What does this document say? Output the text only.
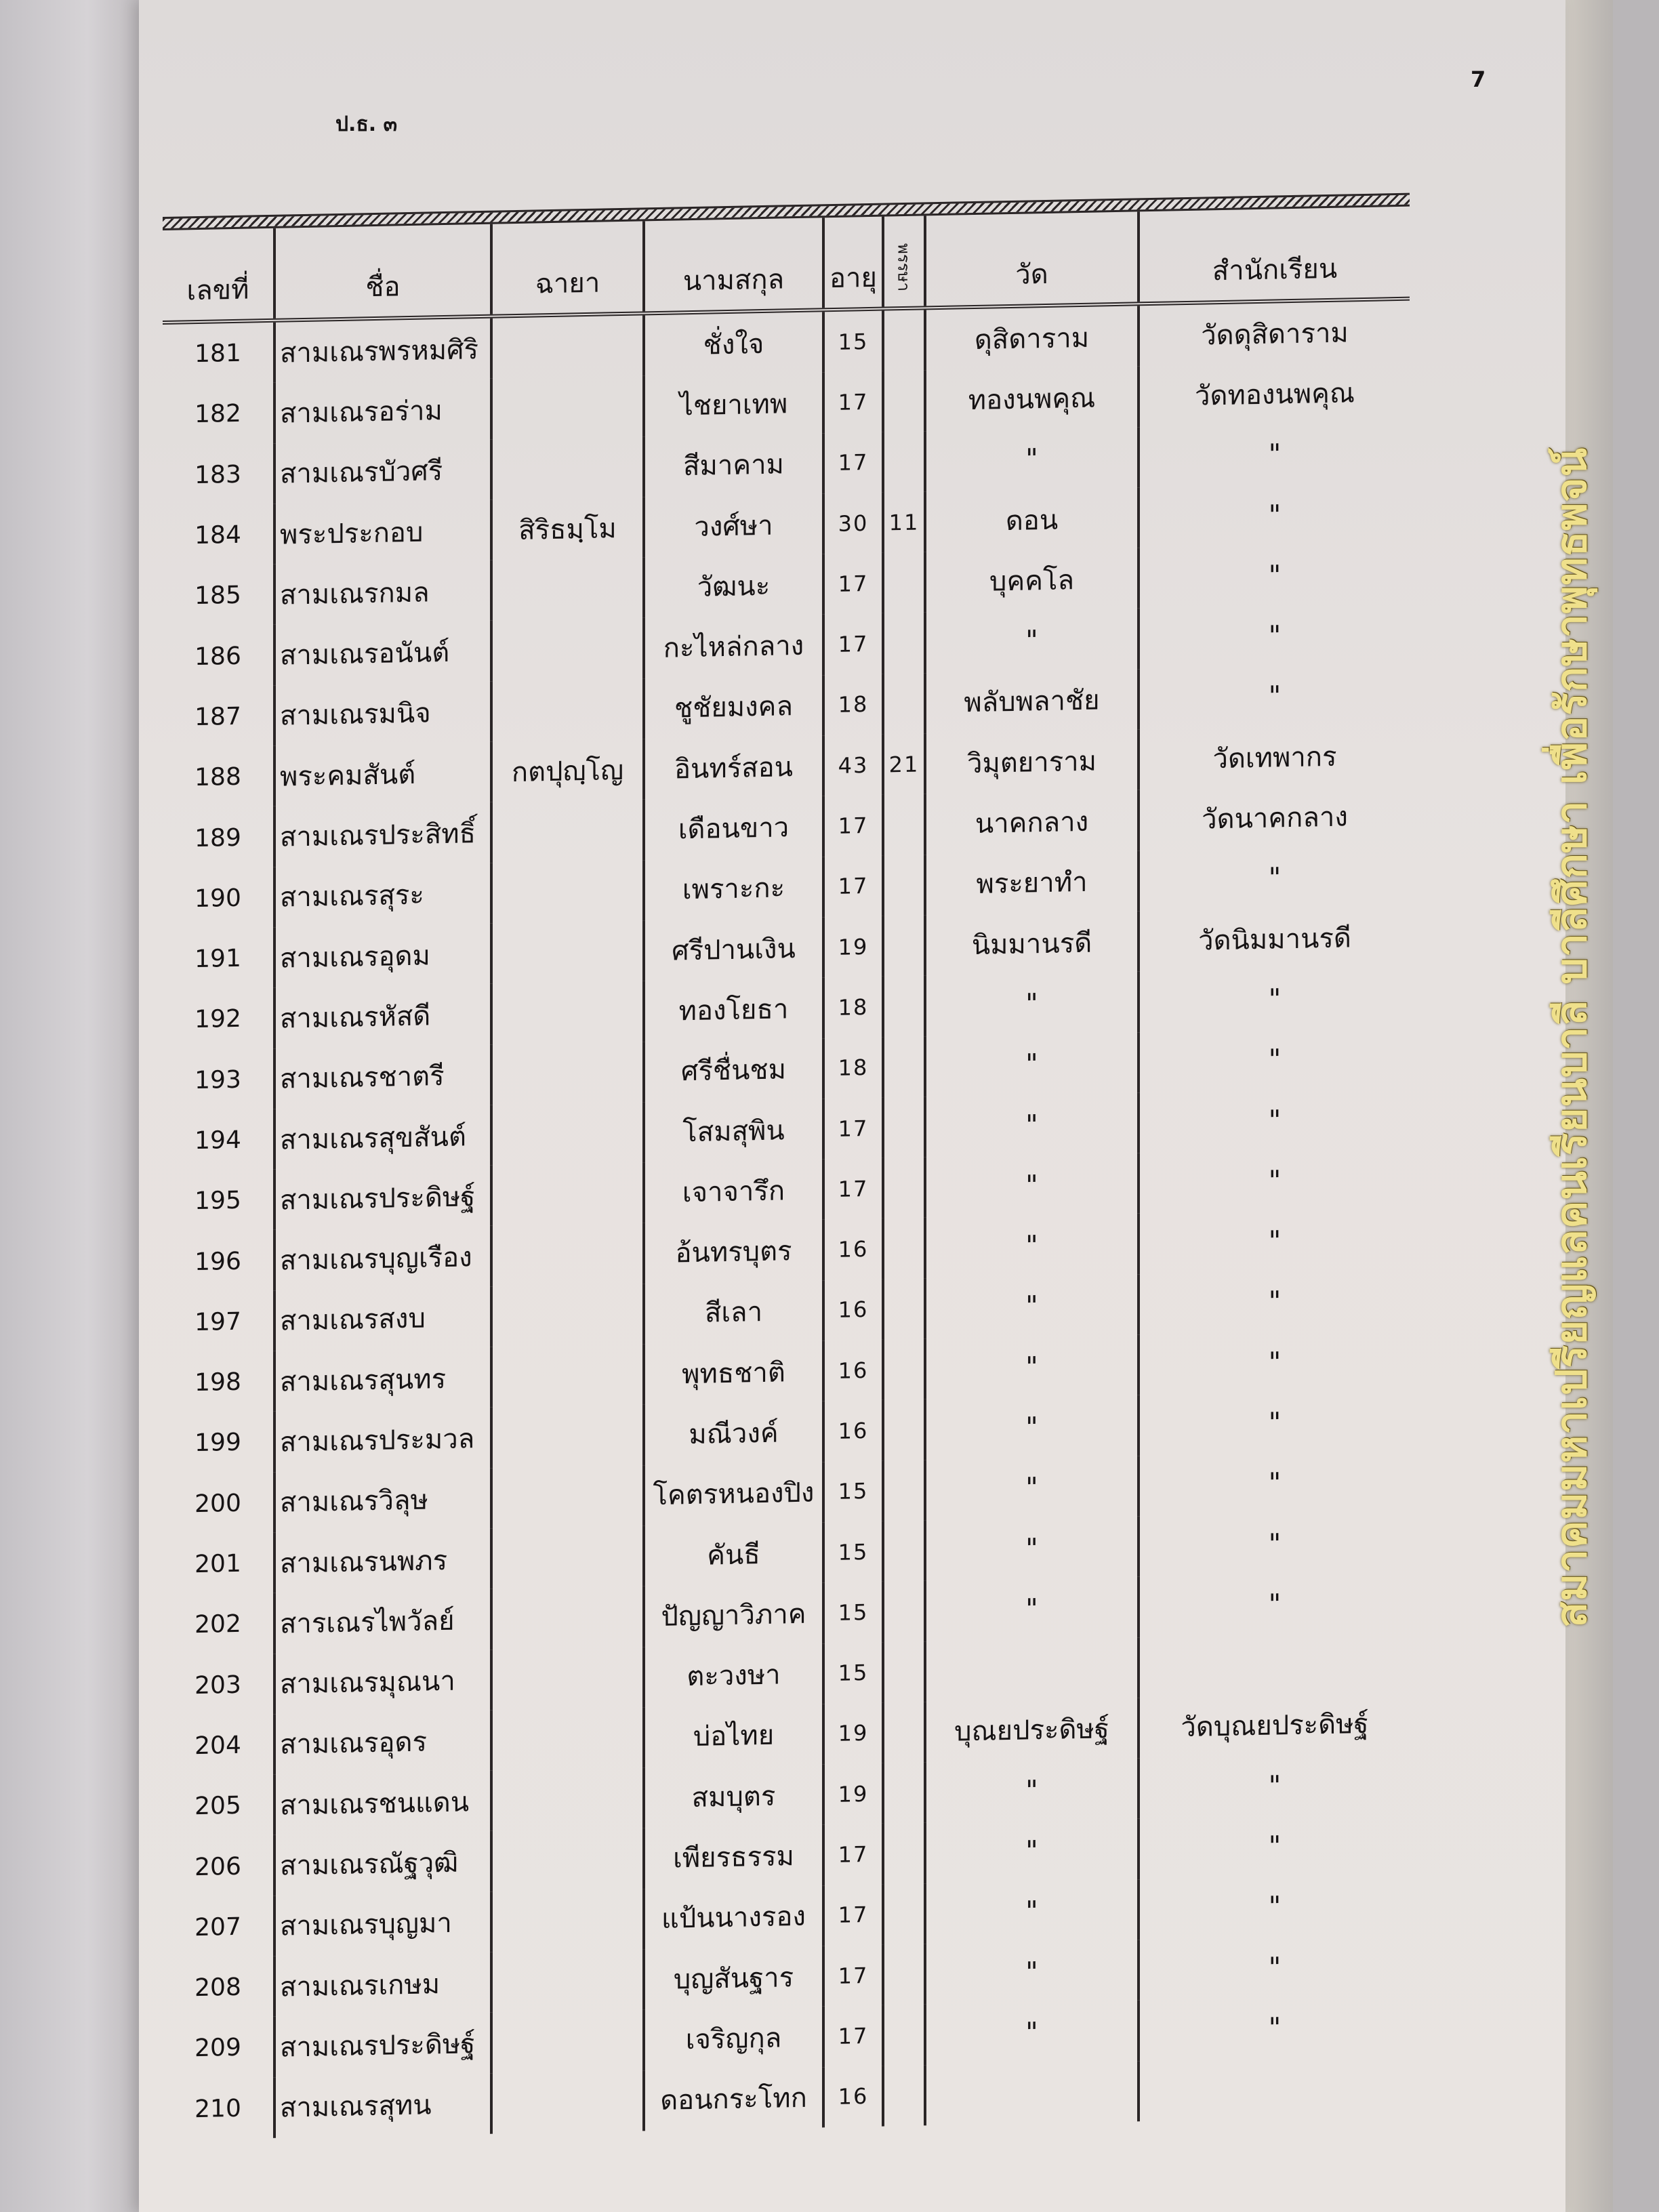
ป.ธ. ๓
7
เลขที่	ชื่อ	ฉายา	นามสกุล	อายุ	พรรษา	วัด	สำนักเรียน
181	สามเณรพรหมศิริ		ชั่งใจ	15		ดุสิดาราม	วัดดุสิดาราม
182	สามเณรอร่าม		ไชยาเทพ	17		ทองนพคุณ	วัดทองนพคุณ
183	สามเณรบัวศรี		สีมาคาม	17		"	"
184	พระประกอบ	สิริธมฺโม	วงศ์ษา	30	11	ดอน	"
185	สามเณรกมล		วัฒนะ	17		บุคคโล	"
186	สามเณรอนันต์		กะไหล่กลาง	17		"	"
187	สามเณรมนิจ		ชูชัยมงคล	18		พลับพลาชัย	"
188	พระคมสันต์	กตปุญฺโญ	อินทร์สอน	43	21	วิมุตยาราม	วัดเทพากร
189	สามเณรประสิทธิ์		เดือนขาว	17		นาคกลาง	วัดนาคกลาง
190	สามเณรสุระ		เพราะกะ	17		พระยาทำ	"
191	สามเณรอุดม		ศรีปานเงิน	19		นิมมานรดี	วัดนิมมานรดี
192	สามเณรหัสดี		ทองโยธา	18		"	"
193	สามเณรชาตรี		ศรีชื่นชม	18		"	"
194	สามเณรสุขสันต์		โสมสุพิน	17		"	"
195	สามเณรประดิษฐ์		เจาจารึก	17		"	"
196	สามเณรบุญเรือง		อ้นทรบุตร	16		"	"
197	สามเณรสงบ		สีเลา	16		"	"
198	สามเณรสุนทร		พุทธชาติ	16		"	"
199	สามเณรประมวล		มณีวงค์	16		"	"
200	สามเณรวิลุษ		โคตรหนองปิง	15		"	"
201	สามเณรนพภร		คันธี	15		"	"
202	สารเณรไพวัลย์		ปัญญาวิภาค	15		"	"
203	สามเณรมุณนา		ตะวงษา	15			
204	สามเณรอุดร		บ่อไทย	19		บุณยประดิษฐ์	วัดบุณยประดิษฐ์
205	สามเณรชนแดน		สมบุตร	19		"	"
206	สามเณรณัฐวุฒิ		เพียรธรรม	17		"	"
207	สามเณรบุญมา		แป้นนางรอง	17		"	"
208	สามเณรเกษม		บุญสันฐาร	17		"	"
209	สามเณรประดิษฐ์		เจริญกุล	17		"	"
210	สามเณรสุทน		ดอนกระโทก	16			
สมาคมมหาเปรียญแลคนเรียนบาลี บาลีศึกษา เพื่อรักษาพุทธพจน์
